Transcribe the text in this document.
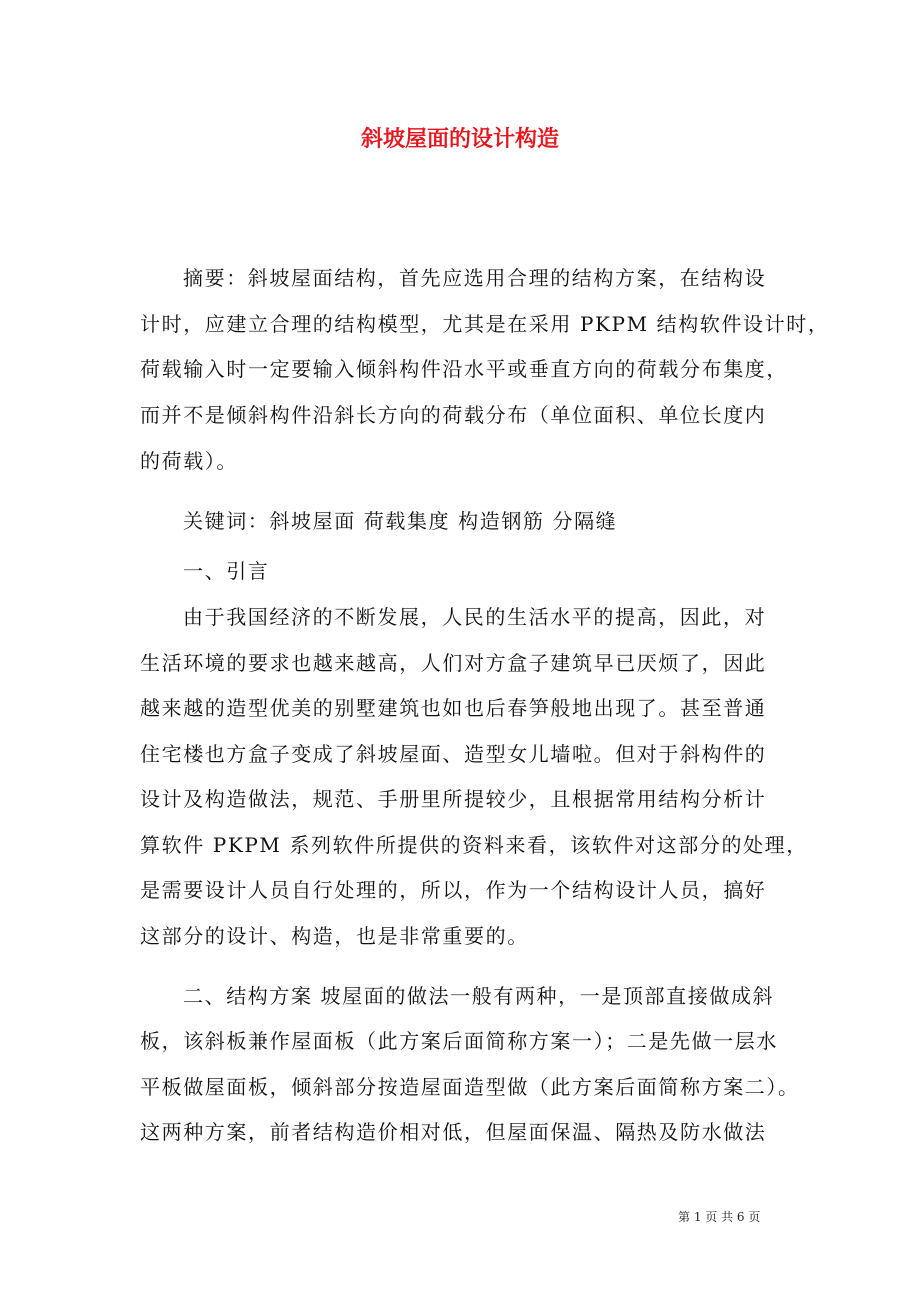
斜坡屋面的设计构造
摘要：斜坡屋面结构，首先应选用合理的结构方案，在结构设
计时，应建立合理的结构模型，尤其是在采用 PKPM 结构软件设计时，
荷载输入时一定要输入倾斜构件沿水平或垂直方向的荷载分布集度，
而并不是倾斜构件沿斜长方向的荷载分布（单位面积、单位长度内
的荷载）。
关键词：斜坡屋面 荷载集度 构造钢筋 分隔缝
一、引言
由于我国经济的不断发展，人民的生活水平的提高，因此，对
生活环境的要求也越来越高，人们对方盒子建筑早已厌烦了，因此
越来越的造型优美的别墅建筑也如也后春笋般地出现了。甚至普通
住宅楼也方盒子变成了斜坡屋面、造型女儿墙啦。但对于斜构件的
设计及构造做法，规范、手册里所提较少，且根据常用结构分析计
算软件 PKPM 系列软件所提供的资料来看，该软件对这部分的处理，
是需要设计人员自行处理的，所以，作为一个结构设计人员，搞好
这部分的设计、构造，也是非常重要的。
二、结构方案 坡屋面的做法一般有两种，一是顶部直接做成斜
板，该斜板兼作屋面板（此方案后面简称方案一）；二是先做一层水
平板做屋面板，倾斜部分按造屋面造型做（此方案后面简称方案二）。
这两种方案，前者结构造价相对低，但屋面保温、隔热及防水做法
第 1 页 共 6 页
